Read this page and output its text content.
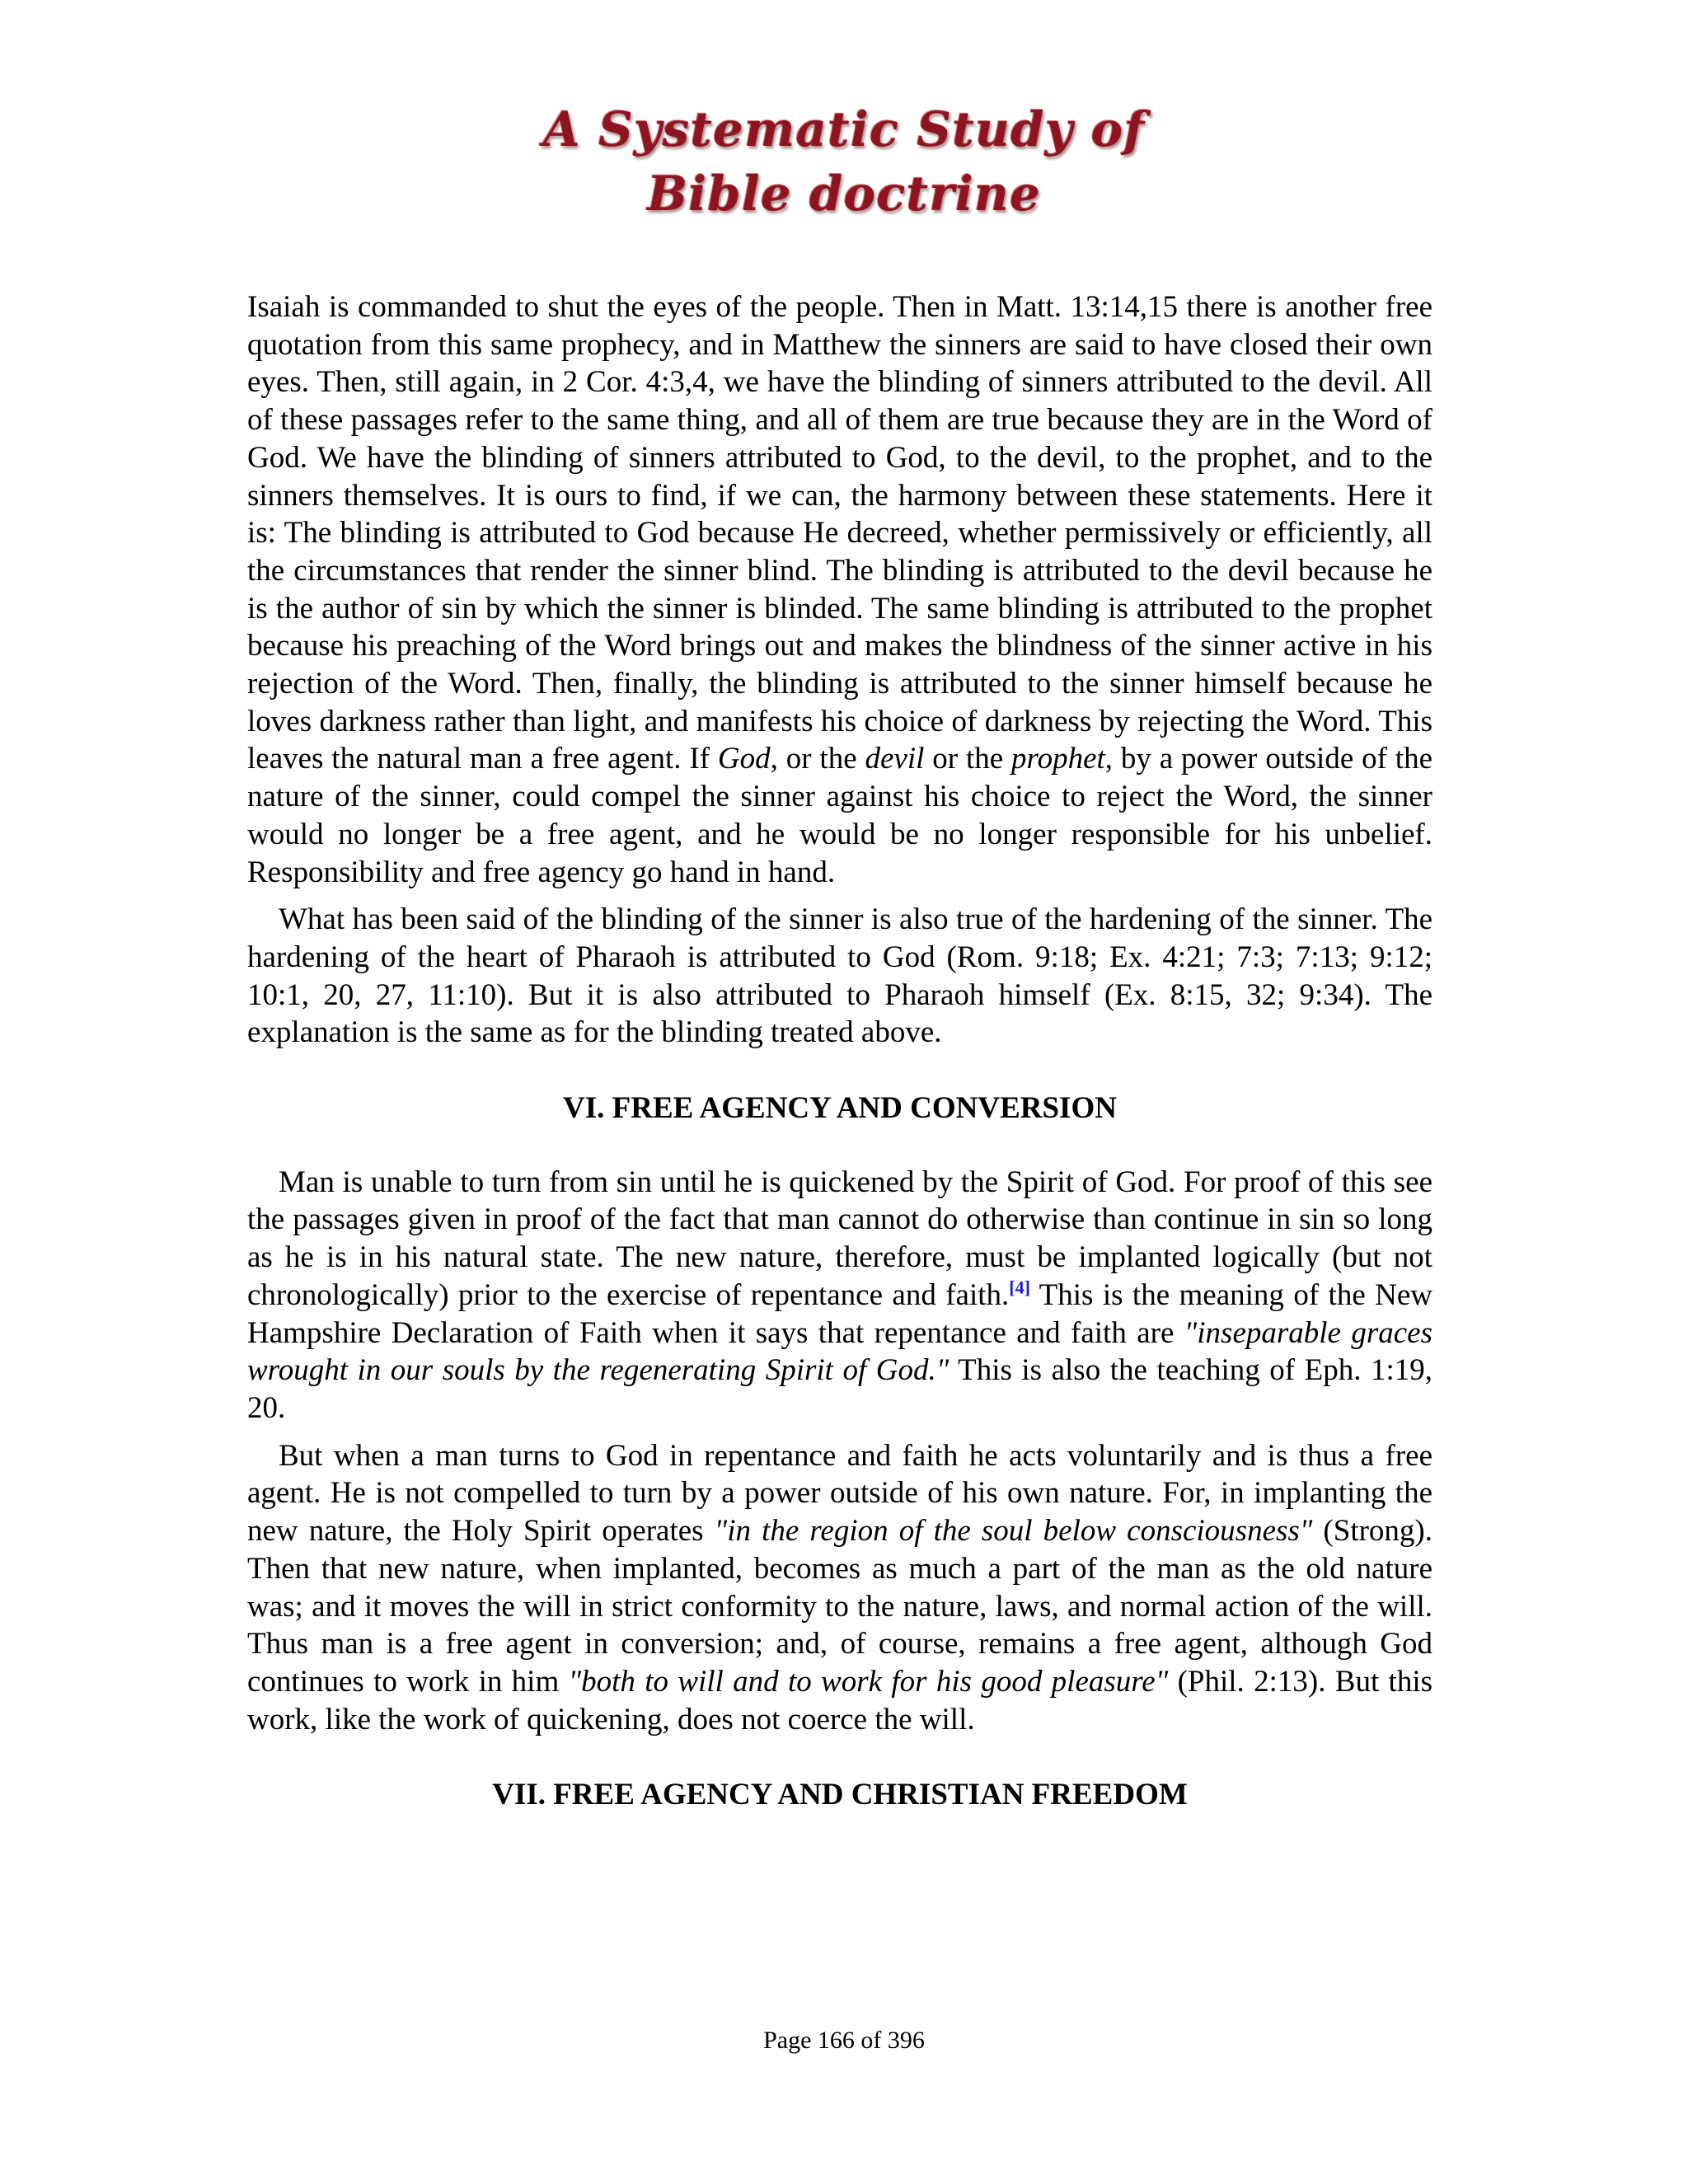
A Systematic Study of
Bible doctrine

Isaiah is commanded to shut the eyes of the people. Then in Matt. 13:14,15 there is another free quotation from this same prophecy, and in Matthew the sinners are said to have closed their own eyes. Then, still again, in 2 Cor. 4:3,4, we have the blinding of sinners attributed to the devil. All of these passages refer to the same thing, and all of them are true because they are in the Word of God. We have the blinding of sinners attributed to God, to the devil, to the prophet, and to the sinners themselves. It is ours to find, if we can, the harmony between these statements. Here it is: The blinding is attributed to God because He decreed, whether permissively or efficiently, all the circumstances that render the sinner blind. The blinding is attributed to the devil because he is the author of sin by which the sinner is blinded. The same blinding is attributed to the prophet because his preaching of the Word brings out and makes the blindness of the sinner active in his rejection of the Word. Then, finally, the blinding is attributed to the sinner himself because he loves darkness rather than light, and manifests his choice of darkness by rejecting the Word. This leaves the natural man a free agent. If God, or the devil or the prophet, by a power outside of the nature of the sinner, could compel the sinner against his choice to reject the Word, the sinner would no longer be a free agent, and he would be no longer responsible for his unbelief. Responsibility and free agency go hand in hand.

What has been said of the blinding of the sinner is also true of the hardening of the sinner. The hardening of the heart of Pharaoh is attributed to God (Rom. 9:18; Ex. 4:21; 7:3; 7:13; 9:12; 10:1, 20, 27, 11:10). But it is also attributed to Pharaoh himself (Ex. 8:15, 32; 9:34). The explanation is the same as for the blinding treated above.

VI. FREE AGENCY AND CONVERSION

Man is unable to turn from sin until he is quickened by the Spirit of God. For proof of this see the passages given in proof of the fact that man cannot do otherwise than continue in sin so long as he is in his natural state. The new nature, therefore, must be implanted logically (but not chronologically) prior to the exercise of repentance and faith.[4] This is the meaning of the New Hampshire Declaration of Faith when it says that repentance and faith are "inseparable graces wrought in our souls by the regenerating Spirit of God." This is also the teaching of Eph. 1:19, 20.

But when a man turns to God in repentance and faith he acts voluntarily and is thus a free agent. He is not compelled to turn by a power outside of his own nature. For, in implanting the new nature, the Holy Spirit operates "in the region of the soul below consciousness" (Strong). Then that new nature, when implanted, becomes as much a part of the man as the old nature was; and it moves the will in strict conformity to the nature, laws, and normal action of the will. Thus man is a free agent in conversion; and, of course, remains a free agent, although God continues to work in him "both to will and to work for his good pleasure" (Phil. 2:13). But this work, like the work of quickening, does not coerce the will.

VII. FREE AGENCY AND CHRISTIAN FREEDOM
Page 166 of 396
